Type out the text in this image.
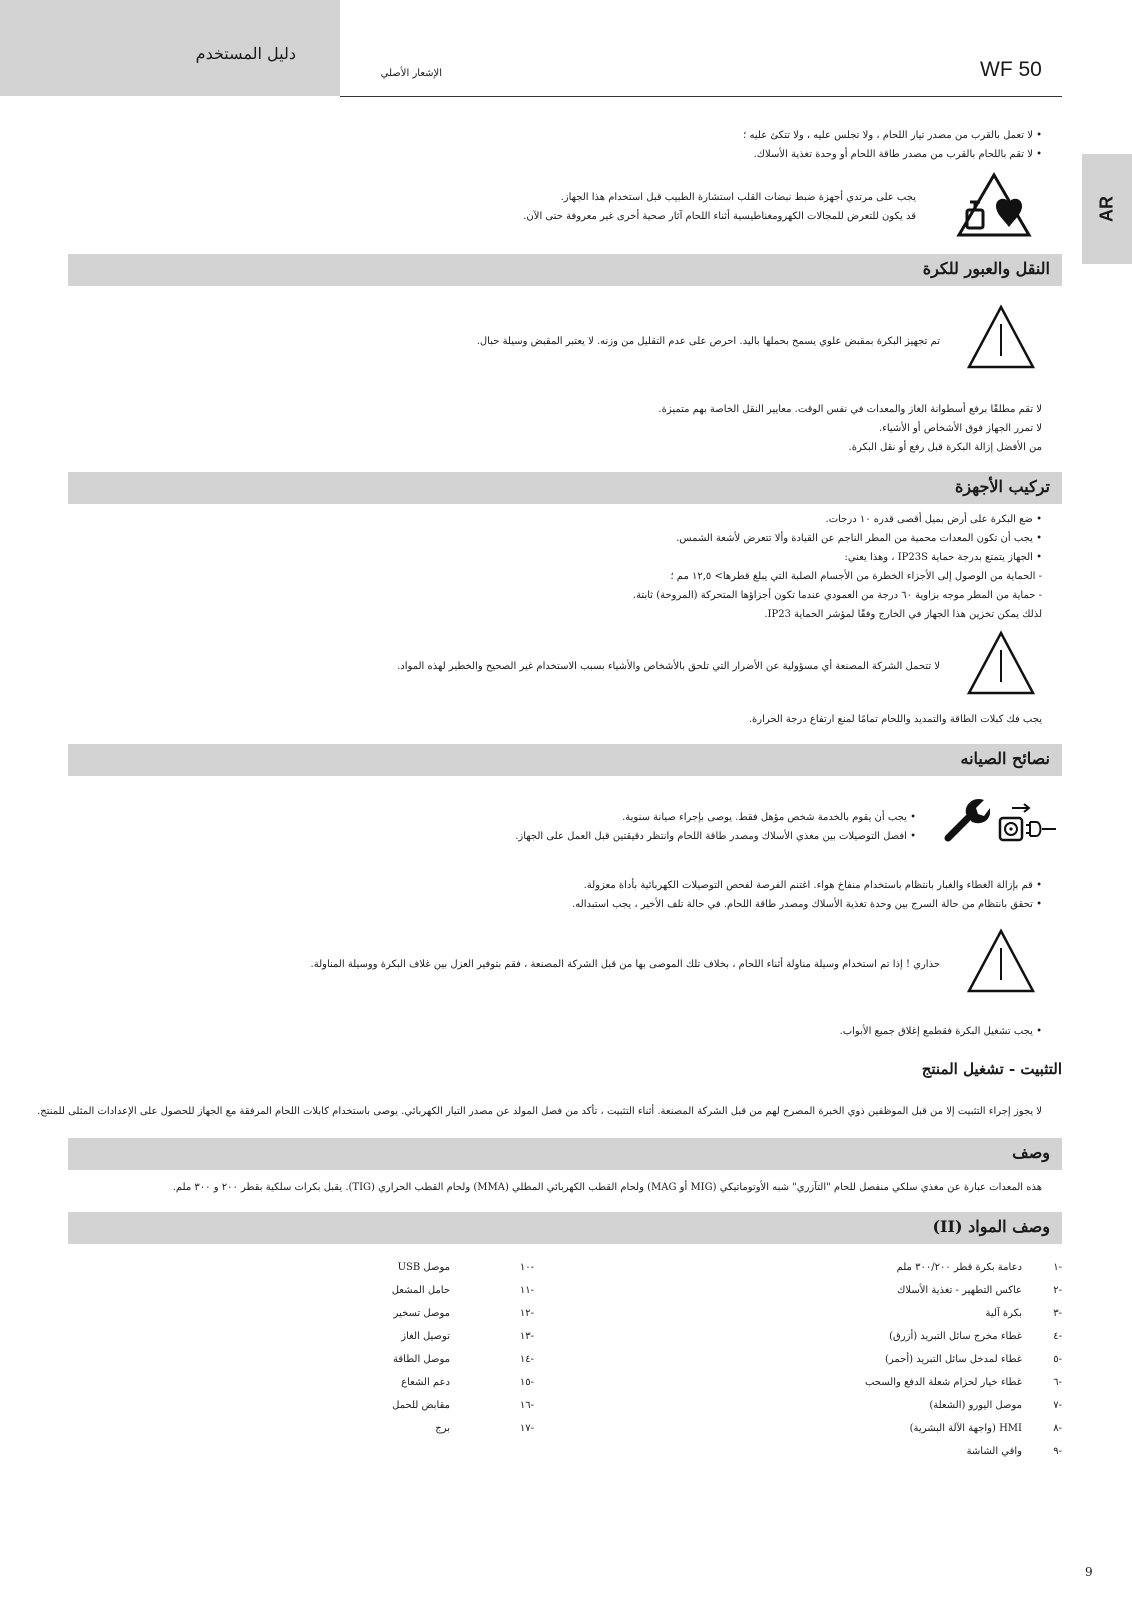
دليل المستخدم
الإشعار الأصلي	WF 50
AR

• لا تعمل بالقرب من مصدر تيار اللحام ، ولا تجلس عليه ، ولا تتكئ عليه ؛

• لا تقم باللحام بالقرب من مصدر طاقة اللحام أو وحدة تغذية الأسلاك.

يجب على مرتدي أجهزة ضبط نبضات القلب استشارة الطبيب قبل استخدام هذا الجهاز.

قد يكون للتعرض للمجالات الكهرومغناطيسية أثناء اللحام آثار صحية أخرى غير معروفة حتى الآن.

النقل والعبور للكرة

تم تجهيز البكرة بمقبض علوي يسمح بحملها باليد. احرص على عدم التقليل من وزنه. لا يعتبر المقبض وسيلة حبال.

لا تقم مطلقًا برفع أسطوانة الغاز والمعدات في نفس الوقت. معايير النقل الخاصة بهم متميزة.

لا تمرر الجهاز فوق الأشخاص أو الأشياء.

من الأفضل إزالة البكرة قبل رفع أو نقل البكرة.

تركيب الأجهزة

• ضع البكرة على أرض بميل أقصى قدره ١٠ درجات.

• يجب أن تكون المعدات محمية من المطر الناجم عن القيادة وألا تتعرض لأشعة الشمس.

• الجهاز يتمتع بدرجة حماية IP23S ، وهذا يعني:

- الحماية من الوصول إلى الأجزاء الخطرة من الأجسام الصلبة التي يبلغ قطرها> ١٢,٥ مم ؛

- حماية من المطر موجه بزاوية ٦٠ درجة من العمودي عندما تكون أجزاؤها المتحركة (المروحة) ثابتة.

لذلك يمكن تخزين هذا الجهاز في الخارج وفقًا لمؤشر الحماية IP23.

لا تتحمل الشركة المصنعة أي مسؤولية عن الأضرار التي تلحق بالأشخاص والأشياء بسبب الاستخدام غير الصحيح والخطير لهذه المواد.

يجب فك كبلات الطاقة والتمديد واللحام تمامًا لمنع ارتفاع درجة الحرارة.

نصائح الصيانه

• يجب أن يقوم بالخدمة شخص مؤهل فقط. يوصى بإجراء صيانة سنوية.

• افصل التوصيلات بين مغذي الأسلاك ومصدر طاقة اللحام وانتظر دقيقتين قبل العمل على الجهاز.

• قم بإزالة الغطاء والغبار بانتظام باستخدام منفاخ هواء. اغتنم الفرصة لفحص التوصيلات الكهربائية بأداة معزولة.

• تحقق بانتظام من حالة السرج بين وحدة تغذية الأسلاك ومصدر طاقة اللحام. في حالة تلف الأخير ، يجب استبداله.

حذاري ! إذا تم استخدام وسيلة مناولة أثناء اللحام ، بخلاف تلك الموصى بها من قبل الشركة المصنعة ، فقم بتوفير العزل بين غلاف البكرة ووسيلة المناولة.

• يجب تشغيل البكرة فقطمع إغلاق جميع الأبواب.

التثبيت - تشغيل المنتج

لا يجوز إجراء التثبيت إلا من قبل الموظفين ذوي الخبرة المصرح لهم من قبل الشركة المصنعة. أثناء التثبيت ، تأكد من فصل المولد عن مصدر التيار الكهربائي. يوصى باستخدام كابلات اللحام المرفقة مع الجهاز للحصول على الإعدادات المثلى للمنتج.

وصف

هذه المعدات عبارة عن مغذي سلكي منفصل للحام "التآزري" شبه الأوتوماتيكي (MIG أو MAG) ولحام القطب الكهربائي المطلي (MMA) ولحام القطب الحراري (TIG). يقبل بكرات سلكية بقطر ٢٠٠ و ٣٠٠ ملم.

وصف المواد (II)
-١
دعامة بكرة قطر ٣٠٠/٢٠٠ ملم
-٢
عاكس التطهير - تغذية الأسلاك
-٣
بكرة آلية
-٤
غطاء مخرج سائل التبريد (أزرق)
-٥
غطاء لمدخل سائل التبريد (أحمر)
-٦
غطاء خيار لحزام شعلة الدفع والسحب
-٧
موصل اليورو (الشعلة)
-٨
HMI (واجهة الآلة البشرية)
-٩
واقي الشاشة
-١٠
موصل USB
-١١
حامل المشعل
-١٢
موصل تسخير
-١٣
توصيل الغاز
-١٤
موصل الطاقة
-١٥
دعم الشعاع
-١٦
مقابض للحمل
-١٧
برج
9
